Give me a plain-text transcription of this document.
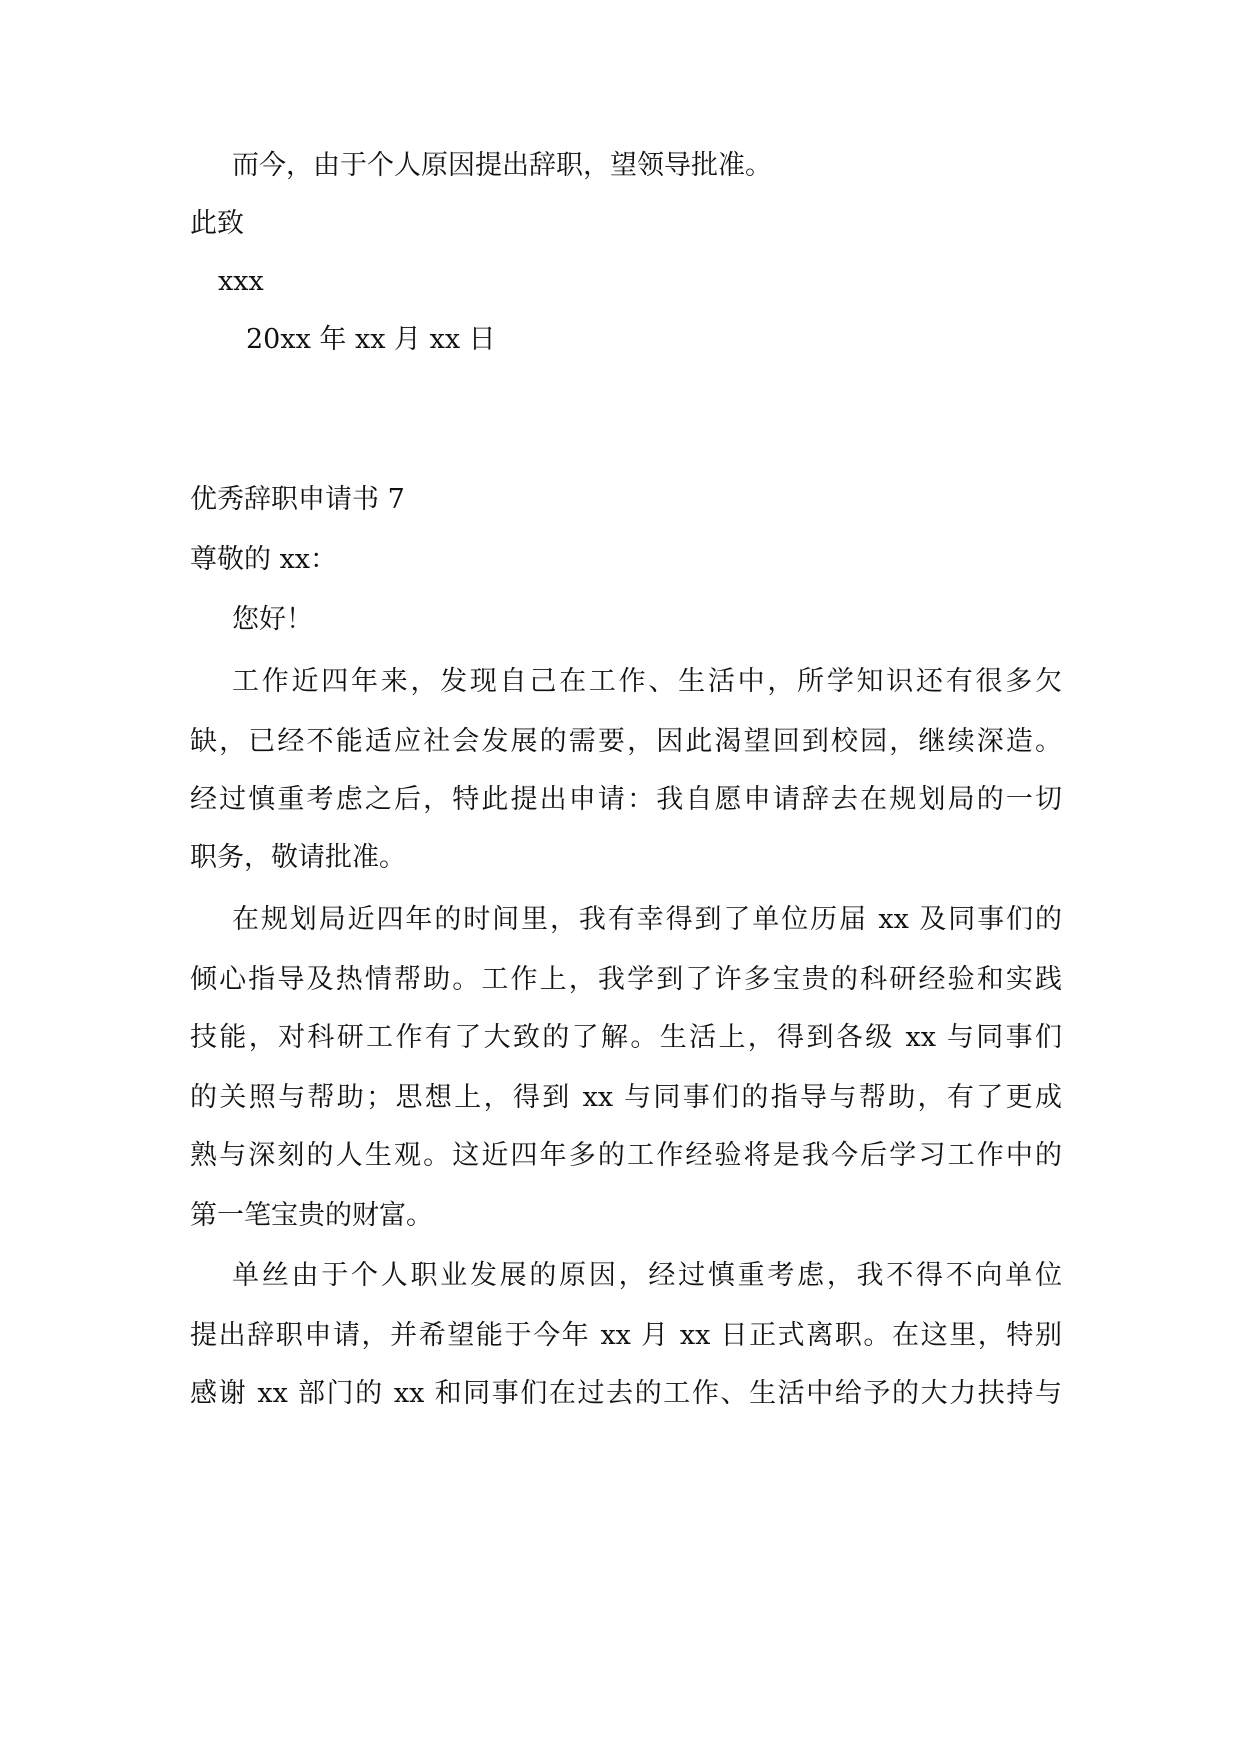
而今，由于个人原因提出辞职，望领导批准。
此致
xxx
20xx 年 xx 月 xx 日
优秀辞职申请书 7
尊敬的 xx：
您好！
工作近四年来，发现自己在工作、生活中，所学知识还有很多欠
缺，已经不能适应社会发展的需要，因此渴望回到校园，继续深造。
经过慎重考虑之后，特此提出申请：我自愿申请辞去在规划局的一切
职务，敬请批准。
在规划局近四年的时间里，我有幸得到了单位历届 xx 及同事们的
倾心指导及热情帮助。工作上，我学到了许多宝贵的科研经验和实践
技能，对科研工作有了大致的了解。生活上，得到各级 xx 与同事们
的关照与帮助；思想上，得到 xx 与同事们的指导与帮助，有了更成
熟与深刻的人生观。这近四年多的工作经验将是我今后学习工作中的
第一笔宝贵的财富。
单丝由于个人职业发展的原因，经过慎重考虑，我不得不向单位
提出辞职申请，并希望能于今年 xx 月 xx 日正式离职。在这里，特别
感谢 xx 部门的 xx 和同事们在过去的工作、生活中给予的大力扶持与
